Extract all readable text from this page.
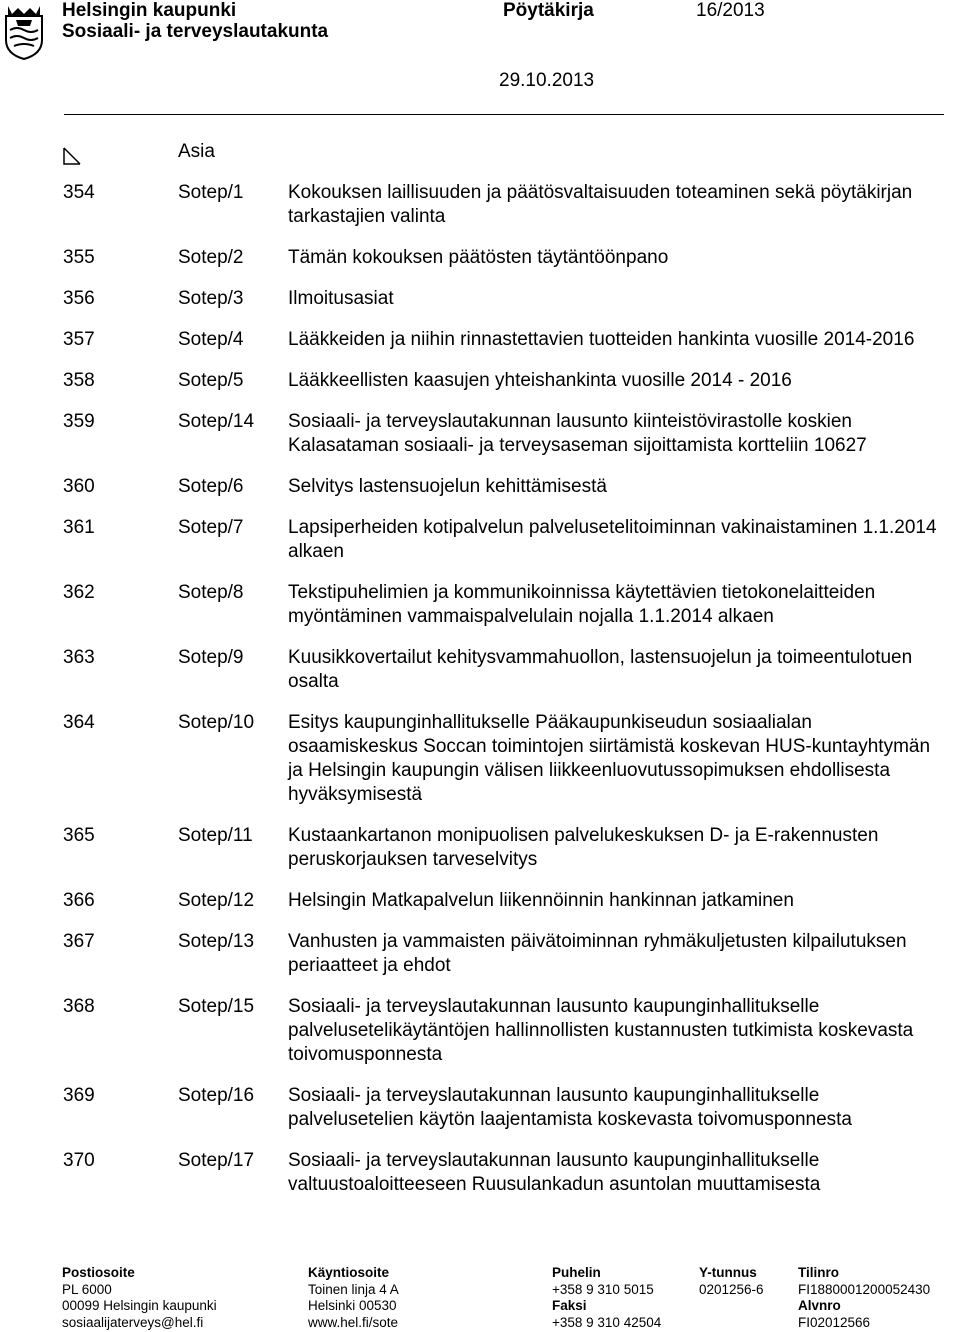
Helsingin kaupunki
Sosiaali- ja terveyslautakunta
Pöytäkirja	16/2013
29.10.2013
Asia
354	Sotep/1	Kokouksen laillisuuden ja päätösvaltaisuuden toteaminen sekä pöytäkirjan tarkastajien valinta
355	Sotep/2	Tämän kokouksen päätösten täytäntöönpano
356	Sotep/3	Ilmoitusasiat
357	Sotep/4	Lääkkeiden ja niihin rinnastettavien tuotteiden hankinta vuosille 2014-2016
358	Sotep/5	Lääkkeellisten kaasujen yhteishankinta vuosille 2014 - 2016
359	Sotep/14	Sosiaali- ja terveyslautakunnan lausunto kiinteistövirastolle koskien Kalasataman sosiaali- ja terveysaseman sijoittamista kortteliin 10627
360	Sotep/6	Selvitys lastensuojelun kehittämisestä
361	Sotep/7	Lapsiperheiden kotipalvelun palvelusetelitoiminnan vakinaistaminen 1.1.2014 alkaen
362	Sotep/8	Tekstipuhelimien ja kommunikoinnissa käytettävien tietokonelaitteiden myöntäminen vammaispalvelulain nojalla 1.1.2014 alkaen
363	Sotep/9	Kuusikkovertailut kehitysvammahuollon, lastensuojelun ja toimeentulotuen osalta
364	Sotep/10	Esitys kaupunginhallitukselle Pääkaupunkiseudun sosiaalialan osaamiskeskus Soccan toimintojen siirtämistä koskevan HUS-kuntayhtymän ja Helsingin kaupungin välisen liikkeenluovutussopimuksen ehdollisesta hyväksymisestä
365	Sotep/11	Kustaankartanon monipuolisen palvelukeskuksen D- ja E-rakennusten peruskorjauksen tarveselvitys
366	Sotep/12	Helsingin Matkapalvelun liikennöinnin hankinnan jatkaminen
367	Sotep/13	Vanhusten ja vammaisten päivätoiminnan ryhmäkuljetusten kilpailutuksen periaatteet ja ehdot
368	Sotep/15	Sosiaali- ja terveyslautakunnan lausunto kaupunginhallitukselle palvelusetelikäytäntöjen hallinnollisten kustannusten tutkimista koskevasta toivomusponnesta
369	Sotep/16	Sosiaali- ja terveyslautakunnan lausunto kaupunginhallitukselle palvelusetelien käytön laajentamista koskevasta toivomusponnesta
370	Sotep/17	Sosiaali- ja terveyslautakunnan lausunto kaupunginhallitukselle valtuustoaloitteeseen Ruusulankadun asuntolan muuttamisesta
Postiosoite
PL 6000
00099 Helsingin kaupunki
sosiaalijaterveys@hel.fi
Käyntiosoite
Toinen linja 4 A
Helsinki 00530
www.hel.fi/sote
Puhelin
+358 9 310 5015
Faksi
+358 9 310 42504
Y-tunnus
0201256-6
Tilinro
FI1880001200052430
Alvnro
FI02012566
